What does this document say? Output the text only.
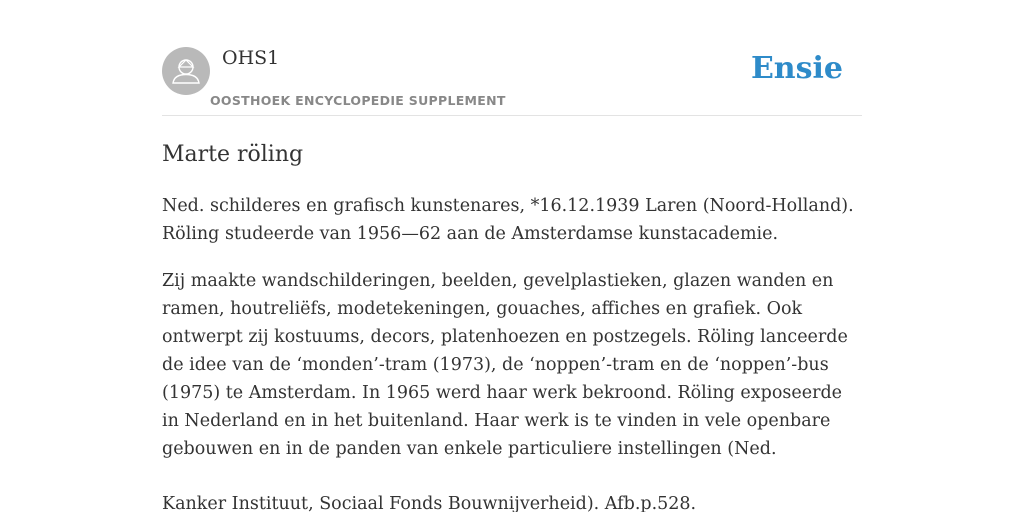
OHS1
OOSTHOEK ENCYCLOPEDIE SUPPLEMENT
Ensie
Marte röling

Ned. schilderes en grafisch kunstenares, *16.12.1939 Laren (Noord-Holland). Röling studeerde van 1956—62 aan de Amsterdamse kunstacademie.

Zij maakte wandschilderingen, beelden, gevelplastieken, glazen wanden en ramen, houtreliëfs, modetekeningen, gouaches, affiches en grafiek. Ook ontwerpt zij kostuums, decors, platenhoezen en postzegels. Röling lanceerde de idee van de ‘monden’-tram (1973), de ‘noppen’-tram en de ‘noppen’-bus (1975) te Amsterdam. In 1965 werd haar werk bekroond. Röling exposeerde in Nederland en in het buitenland. Haar werk is te vinden in vele openbare gebouwen en in de panden van enkele particuliere instellingen (Ned.

Kanker Instituut, Sociaal Fonds Bouwnijverheid). Afb.p.528.
